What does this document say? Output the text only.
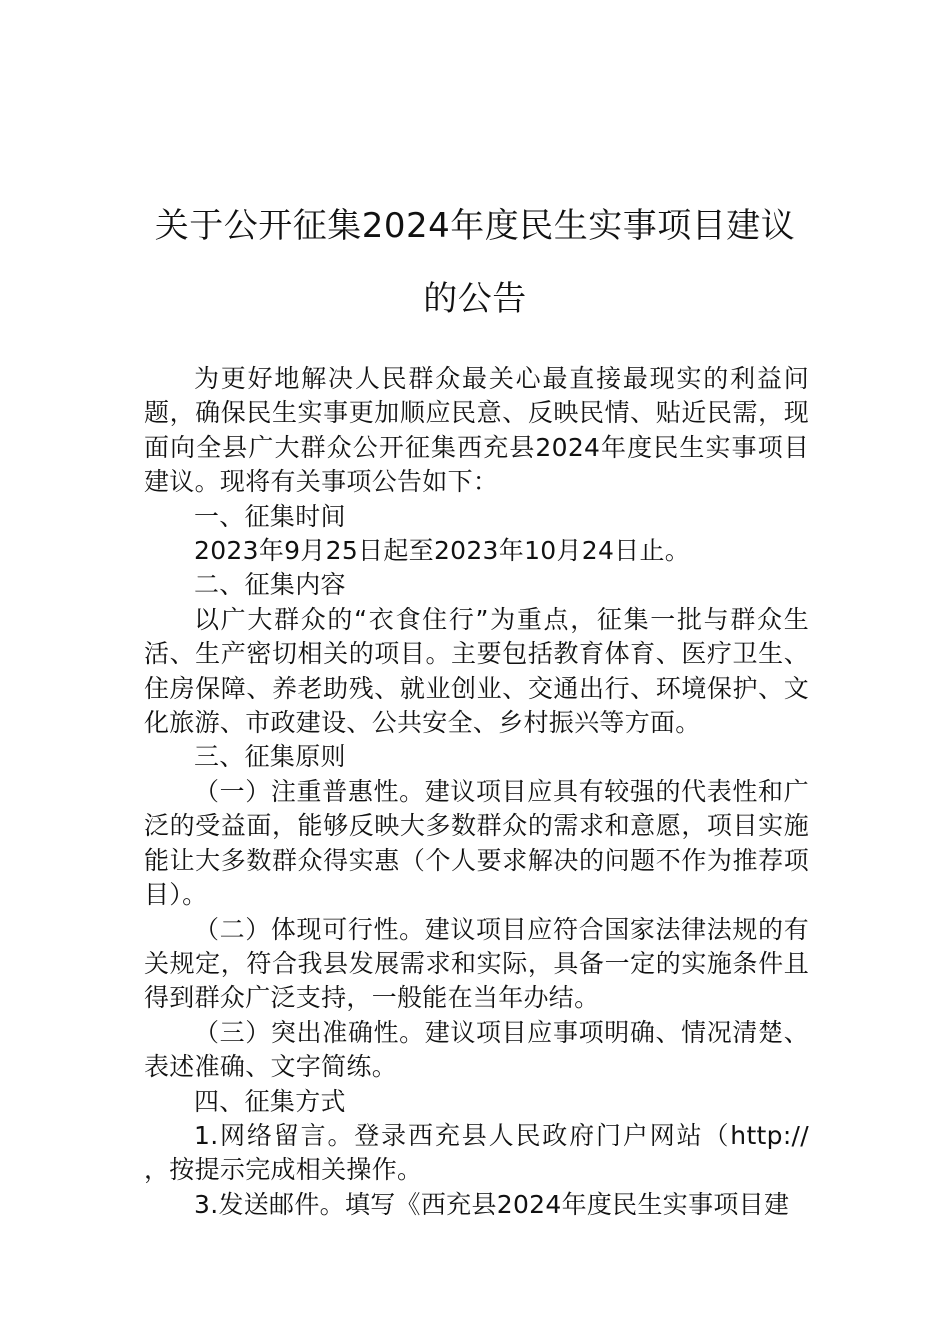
关于公开征集2024年度民生实事项目建议
的公告

为更好地解决人民群众最关心最直接最现实的利益问题，确保民生实事更加顺应民意、反映民情、贴近民需，现面向全县广大群众公开征集西充县2024年度民生实事项目建议。现将有关事项公告如下：

一、征集时间

2023年9月25日起至2023年10月24日止。

二、征集内容

以广大群众的“衣食住行”为重点，征集一批与群众生活、生产密切相关的项目。主要包括教育体育、医疗卫生、住房保障、养老助残、就业创业、交通出行、环境保护、文化旅游、市政建设、公共安全、乡村振兴等方面。

三、征集原则

（一）注重普惠性。建议项目应具有较强的代表性和广泛的受益面，能够反映大多数群众的需求和意愿，项目实施能让大多数群众得实惠（个人要求解决的问题不作为推荐项目）。

（二）体现可行性。建议项目应符合国家法律法规的有关规定，符合我县发展需求和实际，具备一定的实施条件且得到群众广泛支持，一般能在当年办结。

（三）突出准确性。建议项目应事项明确、情况清楚、表述准确、文字简练。

四、征集方式

1.网络留言。登录西充县人民政府门户网站（http:// ，按提示完成相关操作。

3.发送邮件。填写《西充县2024年度民生实事项目建
